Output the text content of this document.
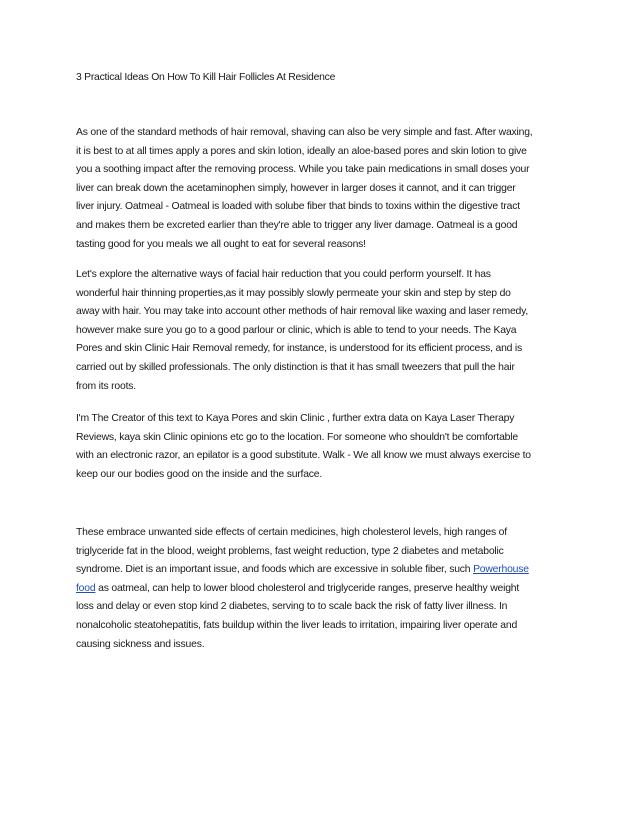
3 Practical Ideas On How To Kill Hair Follicles At Residence

As one of the standard methods of hair removal, shaving can also be very simple and fast. After waxing,
it is best to at all times apply a pores and skin lotion, ideally an aloe-based pores and skin lotion to give
you a soothing impact after the removing process. While you take pain medications in small doses your
liver can break down the acetaminophen simply, however in larger doses it cannot, and it can trigger
liver injury. Oatmeal - Oatmeal is loaded with solube fiber that binds to toxins within the digestive tract
and makes them be excreted earlier than they're able to trigger any liver damage. Oatmeal is a good
tasting good for you meals we all ought to eat for several reasons!

Let's explore the alternative ways of facial hair reduction that you could perform yourself. It has
wonderful hair thinning properties,as it may possibly slowly permeate your skin and step by step do
away with hair. You may take into account other methods of hair removal like waxing and laser remedy,
however make sure you go to a good parlour or clinic, which is able to tend to your needs. The Kaya
Pores and skin Clinic Hair Removal remedy, for instance, is understood for its efficient process, and is
carried out by skilled professionals. The only distinction is that it has small tweezers that pull the hair
from its roots.

I'm The Creator of this text to Kaya Pores and skin Clinic , further extra data on Kaya Laser Therapy
Reviews, kaya skin Clinic opinions etc go to the location. For someone who shouldn't be comfortable
with an electronic razor, an epilator is a good substitute. Walk - We all know we must always exercise to
keep our our bodies good on the inside and the surface.

These embrace unwanted side effects of certain medicines, high cholesterol levels, high ranges of
triglyceride fat in the blood, weight problems, fast weight reduction, type 2 diabetes and metabolic
syndrome. Diet is an important issue, and foods which are excessive in soluble fiber, such Powerhouse
food as oatmeal, can help to lower blood cholesterol and triglyceride ranges, preserve healthy weight
loss and delay or even stop kind 2 diabetes, serving to to scale back the risk of fatty liver illness. In
nonalcoholic steatohepatitis, fats buildup within the liver leads to irritation, impairing liver operate and
causing sickness and issues.
